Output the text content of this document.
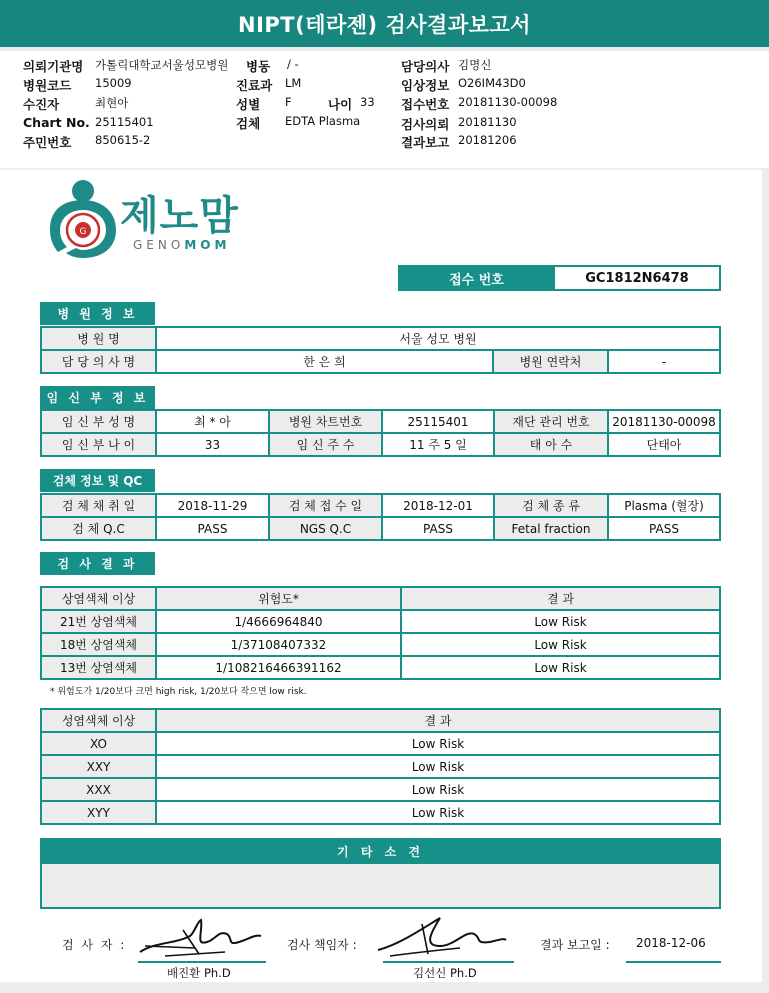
NIPT(테라젠) 검사결과보고서
의뢰기관명 가톨릭대학교서울성모병원
병원코드 15009
수진자	최현아
Chart No. 25115401
주민번호 850615-2
병동 / -
진료과 LM
성별 F	나이 33
검체 EDTA Plasma
담당의사 김명신
임상정보 O26IM43D0
접수번호 20181130-00098
검사의뢰 20181130
결과보고 20181206
G 제노맘
GENOMOM
접수 번호	GC1812N6478
병 원 정 보
병 원 명	서울 성모 병원		
담 당 의 사 명	한 은 희	병원 연락처	-
임 신 부 정 보
임 신 부 성 명	최 * 아	병원 차트번호	25115401	재단 관리 번호	20181130-00098
임 신 부 나 이	33	임 신 주 수	11 주 5 일	태 아 수	단태아
검체 정보 및 QC
검 체 채 취 일	2018-11-29	검 체 접 수 일	2018-12-01	검 체 종 류	Plasma (혈장)
검 체 Q.C	PASS	NGS Q.C	PASS	Fetal fraction	PASS
검 사 결 과
상염색체 이상	위험도*	결 과
21번 상염색체	1/4666964840	Low Risk
18번 상염색체	1/37108407332	Low Risk
13번 상염색체	1/108216466391162	Low Risk
* 위험도가 1/20보다 크면 high risk, 1/20보다 작으면 low risk.
성염색체 이상	결 과
XO	Low Risk
XXY	Low Risk
XXX	Low Risk
XYY	Low Risk
기 타 소 견
검 사 자 :
배진환 Ph.D
검사 책임자 :
김선신 Ph.D
결과 보고일 : 2018-12-06
